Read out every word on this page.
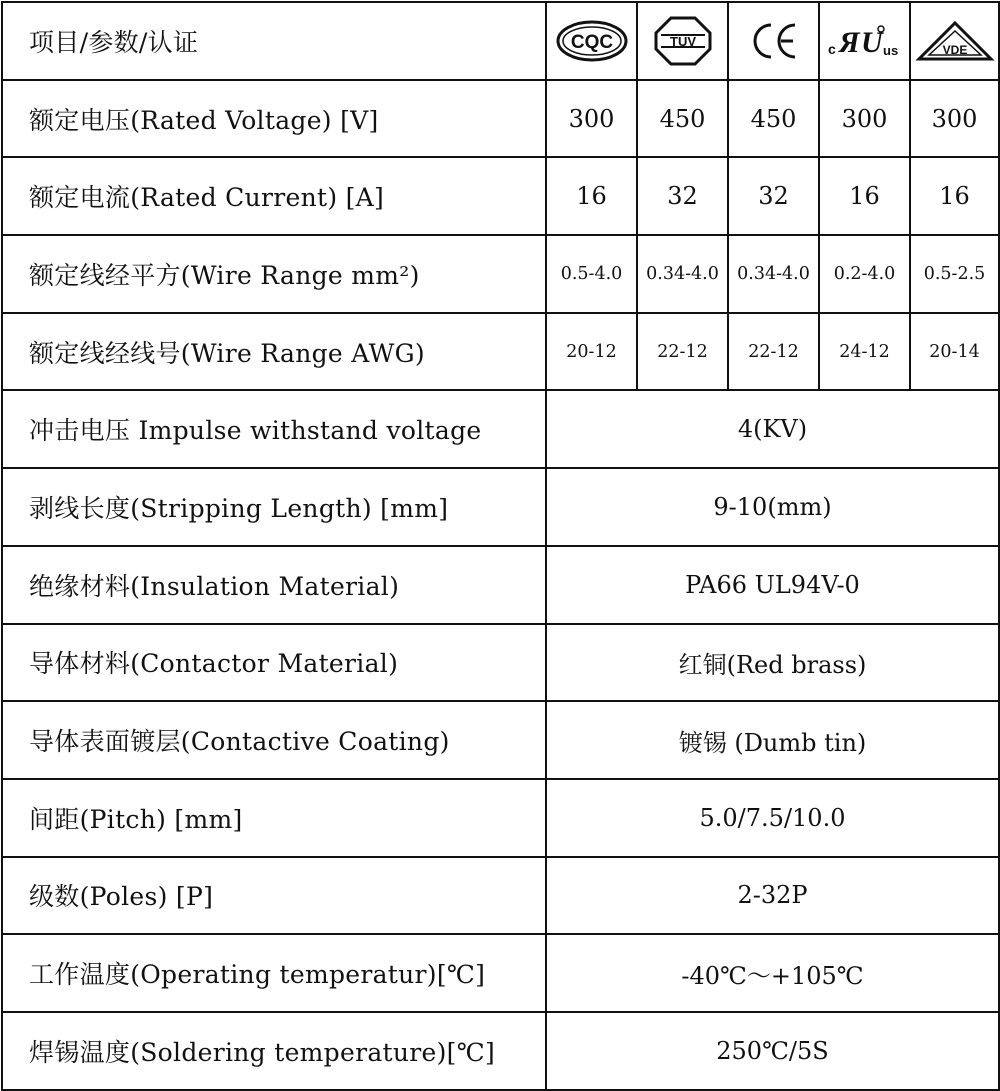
项目/参数/认证	CQC	TÜV		c Я U us	VDE

额定电压(Rated Voltage) [V]	300	450	450	300	300
额定电流(Rated Current) [A]	16	32	32	16	16
额定线经平方(Wire Range mm²)	0.5-4.0	0.34-4.0	0.34-4.0	0.2-4.0	0.5-2.5
额定线经线号(Wire Range AWG)	20-12	22-12	22-12	24-12	20-14
冲击电压 Impulse withstand voltage	4(KV)				
剥线长度(Stripping Length) [mm]	9-10(mm)				
绝缘材料(Insulation Material)	PA66 UL94V-0				
导体材料(Contactor Material)	红铜(Red brass)				
导体表面镀层(Contactive Coating)	镀锡 (Dumb tin)				
间距(Pitch) [mm]	5.0/7.5/10.0				
级数(Poles) [P]	2-32P				
工作温度(Operating temperatur)[℃]	-40℃～+105℃				
焊锡温度(Soldering temperature)[℃]	250℃/5S				
